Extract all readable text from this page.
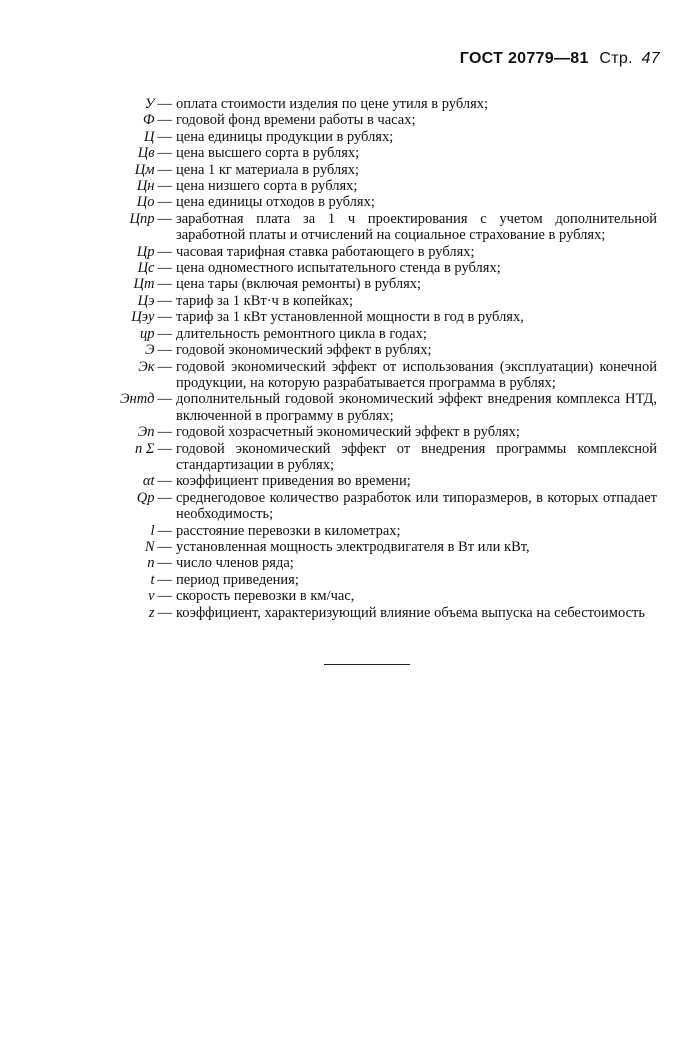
ГОСТ 20779—81 Стр. 47
У — оплата стоимости изделия по цене утиля в рублях;
Ф — годовой фонд времени работы в часах;
Ц — цена единицы продукции в рублях;
Цв — цена высшего сорта в рублях;
Цм — цена 1 кг материала в рублях;
Цн — цена низшего сорта в рублях;
Цо — цена единицы отходов в рублях;
Цпр — заработная плата за 1 ч проектирования с учетом дополнительной заработной платы и отчислений на социальное страхование в рублях;
Цр — часовая тарифная ставка работающего в рублях;
Цс — цена одноместного испытательного стенда в рублях;
Цт — цена тары (включая ремонты) в рублях;
Цэ — тариф за 1 кВт·ч в копейках;
Цэу — тариф за 1 кВт установленной мощности в год в рублях,
цр — длительность ремонтного цикла в годах;
Э — годовой экономический эффект в рублях;
Эк — годовой экономический эффект от использования (эксплуатации) конечной продукции, на которую разрабатывается программа в рублях;
Энтд — дополнительный годовой экономический эффект внедрения комплекса НТД, включенной в программу в рублях;
Эп — годовой хозрасчетный экономический эффект в рублях;
п Σ — годовой экономический эффект от внедрения программы комплексной стандартизации в рублях;
αt — коэффициент приведения во времени;
Qр — среднегодовое количество разработок или типоразмеров, в которых отпадает необходимость;
l — расстояние перевозки в километрах;
N — установленная мощность электродвигателя в Вт или кВт,
n — число членов ряда;
t — период приведения;
v — скорость перевозки в км/час,
z — коэффициент, характеризующий влияние объема выпуска на себестоимость
